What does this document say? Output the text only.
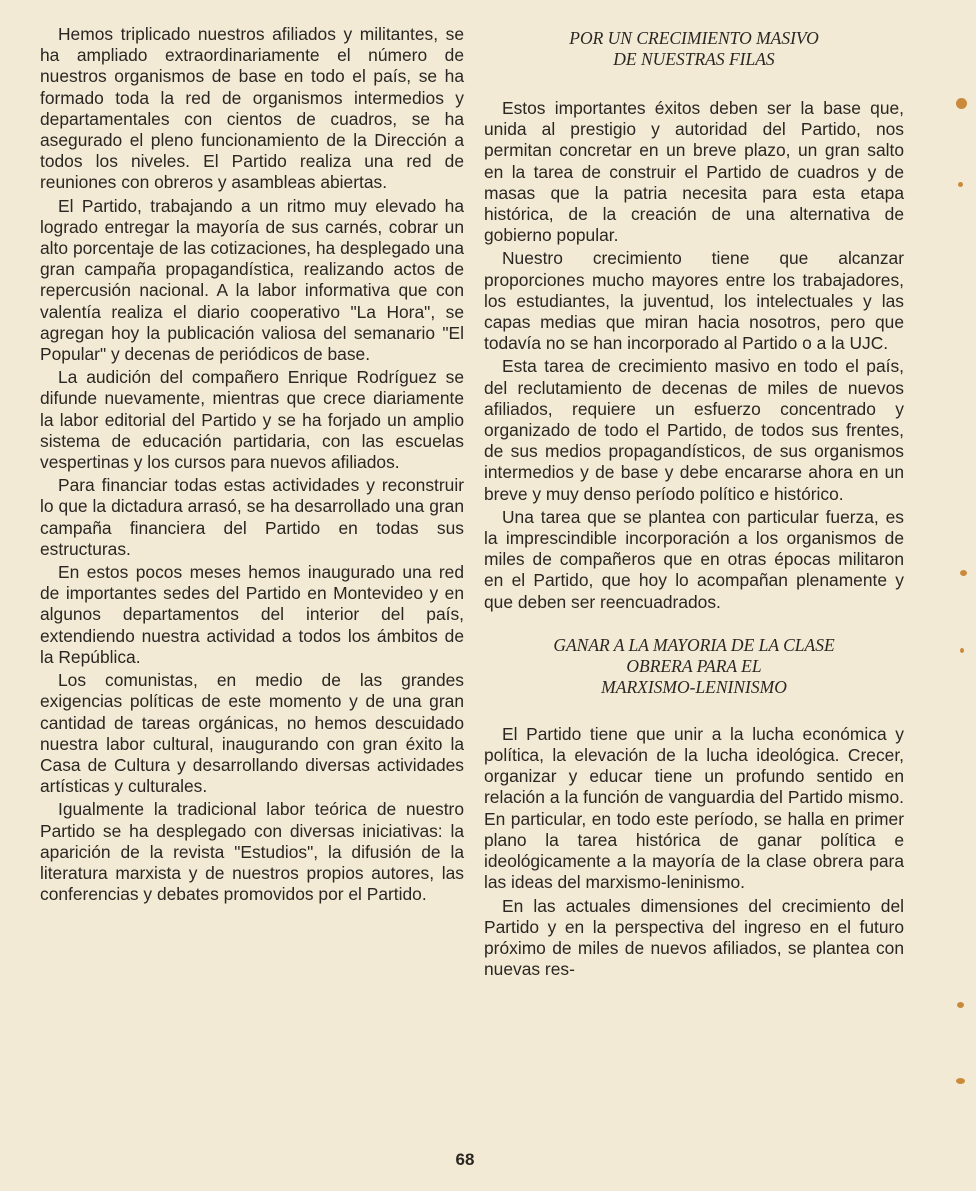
Hemos triplicado nuestros afiliados y militantes, se ha ampliado extraordinariamente el número de nuestros organismos de base en todo el país, se ha formado toda la red de organismos intermedios y departamentales con cientos de cuadros, se ha asegurado el pleno funcionamiento de la Dirección a todos los niveles. El Partido realiza una red de reuniones con obreros y asambleas abiertas.

El Partido, trabajando a un ritmo muy elevado ha logrado entregar la mayoría de sus carnés, cobrar un alto porcentaje de las cotizaciones, ha desplegado una gran campaña propagandística, realizando actos de repercusión nacional. A la labor informativa que con valentía realiza el diario cooperativo "La Hora", se agregan hoy la publicación valiosa del semanario "El Popular" y decenas de periódicos de base.

La audición del compañero Enrique Rodríguez se difunde nuevamente, mientras que crece diariamente la labor editorial del Partido y se ha forjado un amplio sistema de educación partidaria, con las escuelas vespertinas y los cursos para nuevos afiliados.

Para financiar todas estas actividades y reconstruir lo que la dictadura arrasó, se ha desarrollado una gran campaña financiera del Partido en todas sus estructuras.

En estos pocos meses hemos inaugurado una red de importantes sedes del Partido en Montevideo y en algunos departamentos del interior del país, extendiendo nuestra actividad a todos los ámbitos de la República.

Los comunistas, en medio de las grandes exigencias políticas de este momento y de una gran cantidad de tareas orgánicas, no hemos descuidado nuestra labor cultural, inaugurando con gran éxito la Casa de Cultura y desarrollando diversas actividades artísticas y culturales.

Igualmente la tradicional labor teórica de nuestro Partido se ha desplegado con diversas iniciativas: la aparición de la revista "Estudios", la difusión de la literatura marxista y de nuestros propios autores, las conferencias y debates promovidos por el Partido.

POR UN CRECIMIENTO MASIVO
DE NUESTRAS FILAS

Estos importantes éxitos deben ser la base que, unida al prestigio y autoridad del Partido, nos permitan concretar en un breve plazo, un gran salto en la tarea de construir el Partido de cuadros y de masas que la patria necesita para esta etapa histórica, de la creación de una alternativa de gobierno popular.

Nuestro crecimiento tiene que alcanzar proporciones mucho mayores entre los trabajadores, los estudiantes, la juventud, los intelectuales y las capas medias que miran hacia nosotros, pero que todavía no se han incorporado al Partido o a la UJC.

Esta tarea de crecimiento masivo en todo el país, del reclutamiento de decenas de miles de nuevos afiliados, requiere un esfuerzo concentrado y organizado de todo el Partido, de todos sus frentes, de sus medios propagandísticos, de sus organismos intermedios y de base y debe encararse ahora en un breve y muy denso período político e histórico.

Una tarea que se plantea con particular fuerza, es la imprescindible incorporación a los organismos de miles de compañeros que en otras épocas militaron en el Partido, que hoy lo acompañan plenamente y que deben ser reencuadrados.

GANAR A LA MAYORIA DE LA CLASE
OBRERA PARA EL
MARXISMO-LENINISMO

El Partido tiene que unir a la lucha económica y política, la elevación de la lucha ideológica. Crecer, organizar y educar tiene un profundo sentido en relación a la función de vanguardia del Partido mismo. En particular, en todo este período, se halla en primer plano la tarea histórica de ganar política e ideológicamente a la mayoría de la clase obrera para las ideas del marxismo-leninismo.

En las actuales dimensiones del crecimiento del Partido y en la perspectiva del ingreso en el futuro próximo de miles de nuevos afiliados, se plantea con nuevas res-

68
